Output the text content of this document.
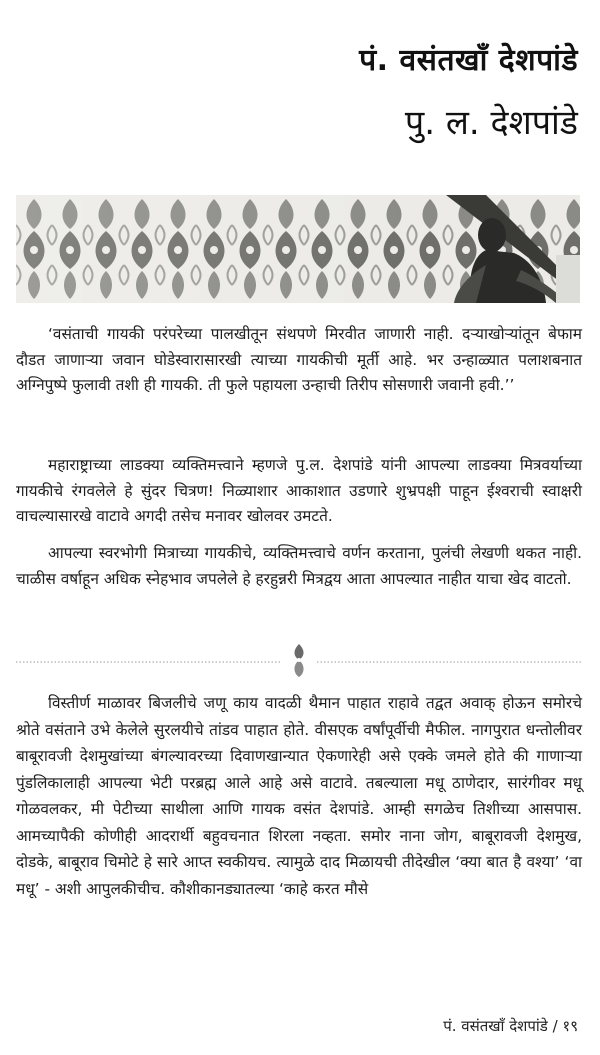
पं. वसंतखाँ देशपांडे
पु. ल. देशपांडे

‘वसंताची गायकी परंपरेच्या पालखीतून संथपणे मिरवीत जाणारी नाही. दऱ्याखोऱ्यांतून बेफाम दौडत जाणाऱ्या जवान घोडेस्वारासारखी त्याच्या गायकीची मूर्ती आहे. भर उन्हाळ्यात पलाशबनात अग्निपुष्पे फुलावी तशी ही गायकी. ती फुले पहायला उन्हाची तिरीप सोसणारी जवानी हवी.’’

महाराष्ट्राच्या लाडक्या व्यक्तिमत्त्वाने म्हणजे पु.ल. देशपांडे यांनी आपल्या लाडक्या मित्रवर्याच्या गायकीचे रंगवलेले हे सुंदर चित्रण! निळ्याशार आकाशात उडणारे शुभ्रपक्षी पाहून ईश्वराची स्वाक्षरी वाचल्यासारखे वाटावे अगदी तसेच मनावर खोलवर उमटते.

आपल्या स्वरभोगी मित्राच्या गायकीचे, व्यक्तिमत्त्वाचे वर्णन करताना, पुलंची लेखणी थकत नाही. चाळीस वर्षाहून अधिक स्नेहभाव जपलेले हे हरहुन्नरी मित्रद्वय आता आपल्यात नाहीत याचा खेद वाटतो.

विस्तीर्ण माळावर बिजलीचे जणू काय वादळी थैमान पाहात राहावे तद्वत अवाक् होऊन समोरचे श्रोते वसंताने उभे केलेले सुरलयीचे तांडव पाहात होते. वीसएक वर्षांपूर्वीची मैफील. नागपुरात धन्तोलीवर बाबूरावजी देशमुखांच्या बंगल्यावरच्या दिवाणखान्यात ऐकणारेही असे एक्के जमले होते की गाणाऱ्या पुंडलिकालाही आपल्या भेटी परब्रह्म आले आहे असे वाटावे. तबल्याला मधू ठाणेदार, सारंगीवर मधू गोळवलकर, मी पेटीच्या साथीला आणि गायक वसंत देशपांडे. आम्ही सगळेच तिशीच्या आसपास. आमच्यापैकी कोणीही आदरार्थी बहुवचनात शिरला नव्हता. समोर नाना जोग, बाबूरावजी देशमुख, दोडके, बाबूराव चिमोटे हे सारे आप्त स्वकीयच. त्यामुळे दाद मिळायची तीदेखील ‘क्या बात है वश्या’ ‘वा मधू’ - अशी आपुलकीचीच. कौशीकानड्यातल्या ‘काहे करत मौसे

पं. वसंतखाँ देशपांडे / १९
